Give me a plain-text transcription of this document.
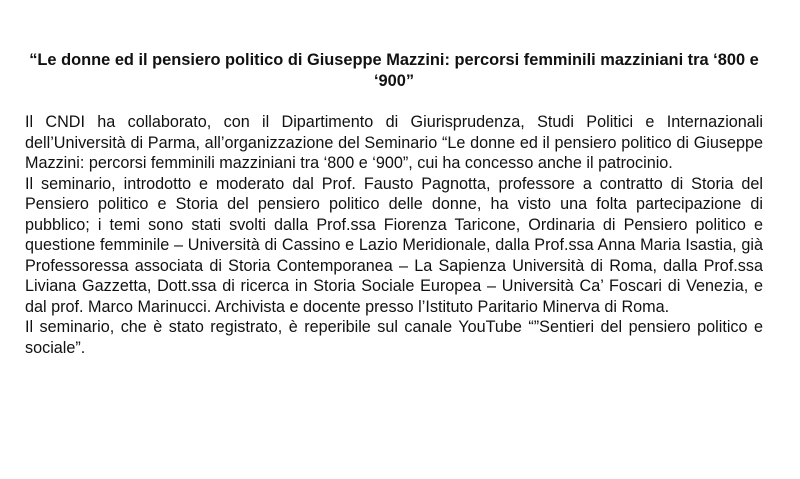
“Le donne ed il pensiero politico di Giuseppe Mazzini: percorsi femminili mazziniani tra ‘800 e ‘900”

Il CNDI ha collaborato, con il Dipartimento di Giurisprudenza, Studi Politici e Internazionali dell’Università di Parma, all’organizzazione del Seminario “Le donne ed il pensiero politico di Giuseppe Mazzini: percorsi femminili mazziniani tra ‘800 e ‘900”, cui ha concesso anche il patrocinio.

Il seminario, introdotto e moderato dal Prof. Fausto Pagnotta, professore a contratto di Storia del Pensiero politico e Storia del pensiero politico delle donne, ha visto una folta partecipazione di pubblico; i temi sono stati svolti dalla Prof.ssa Fiorenza Taricone, Ordinaria di Pensiero politico e questione femminile – Università di Cassino e Lazio Meridionale, dalla Prof.ssa Anna Maria Isastia, già Professoressa associata di Storia Contemporanea – La Sapienza Università di Roma, dalla Prof.ssa Liviana Gazzetta, Dott.ssa di ricerca in Storia Sociale Europea – Università Ca’ Foscari di Venezia, e dal prof. Marco Marinucci. Archivista e docente presso l’Istituto Paritario Minerva di Roma.

Il seminario, che è stato registrato, è reperibile sul canale YouTube “”Sentieri del pensiero politico e sociale”.
